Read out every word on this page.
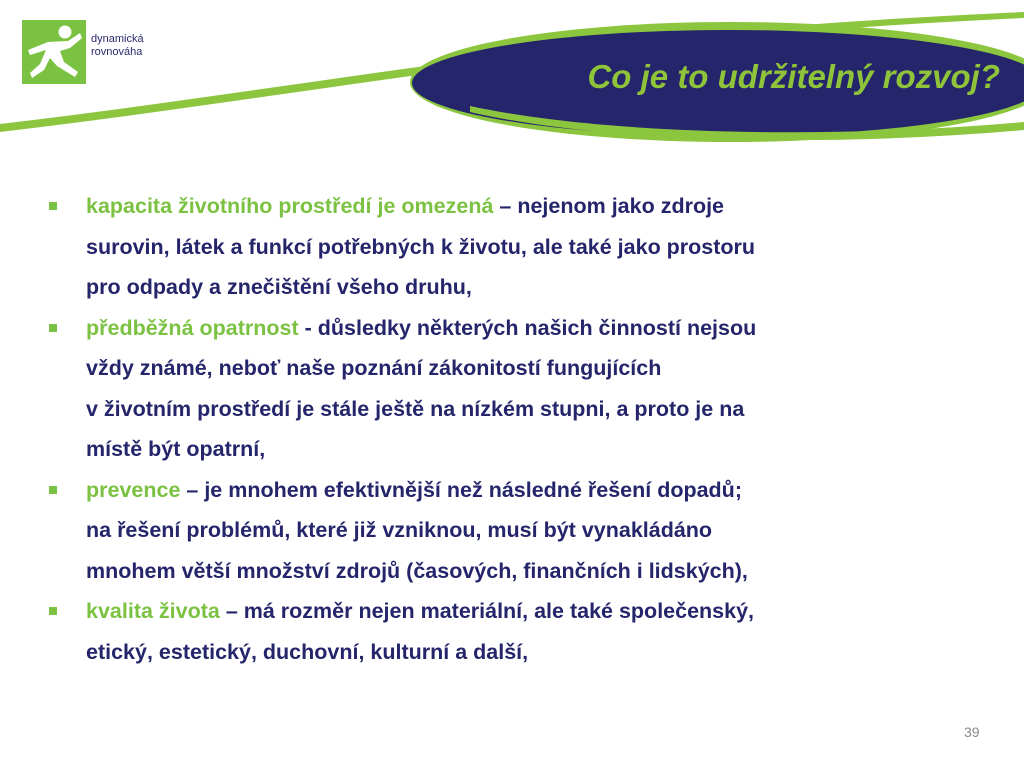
dynamická
rovnováha
Co je to udržitelný rozvoj?
kapacita životního prostředí je omezená – nejenom jako zdroje
surovin, látek a funkcí potřebných k životu, ale také jako prostoru
pro odpady a znečištění všeho druhu,
předběžná opatrnost - důsledky některých našich činností nejsou
vždy známé, neboť naše poznání zákonitostí fungujících
v životním prostředí je stále ještě na nízkém stupni, a proto je na
místě být opatrní,
prevence – je mnohem efektivnější než následné řešení dopadů;
na řešení problémů, které již vzniknou, musí být vynakládáno
mnohem větší množství zdrojů (časových, finančních i lidských),
kvalita života – má rozměr nejen materiální, ale také společenský,
etický, estetický, duchovní, kulturní a další,
39
